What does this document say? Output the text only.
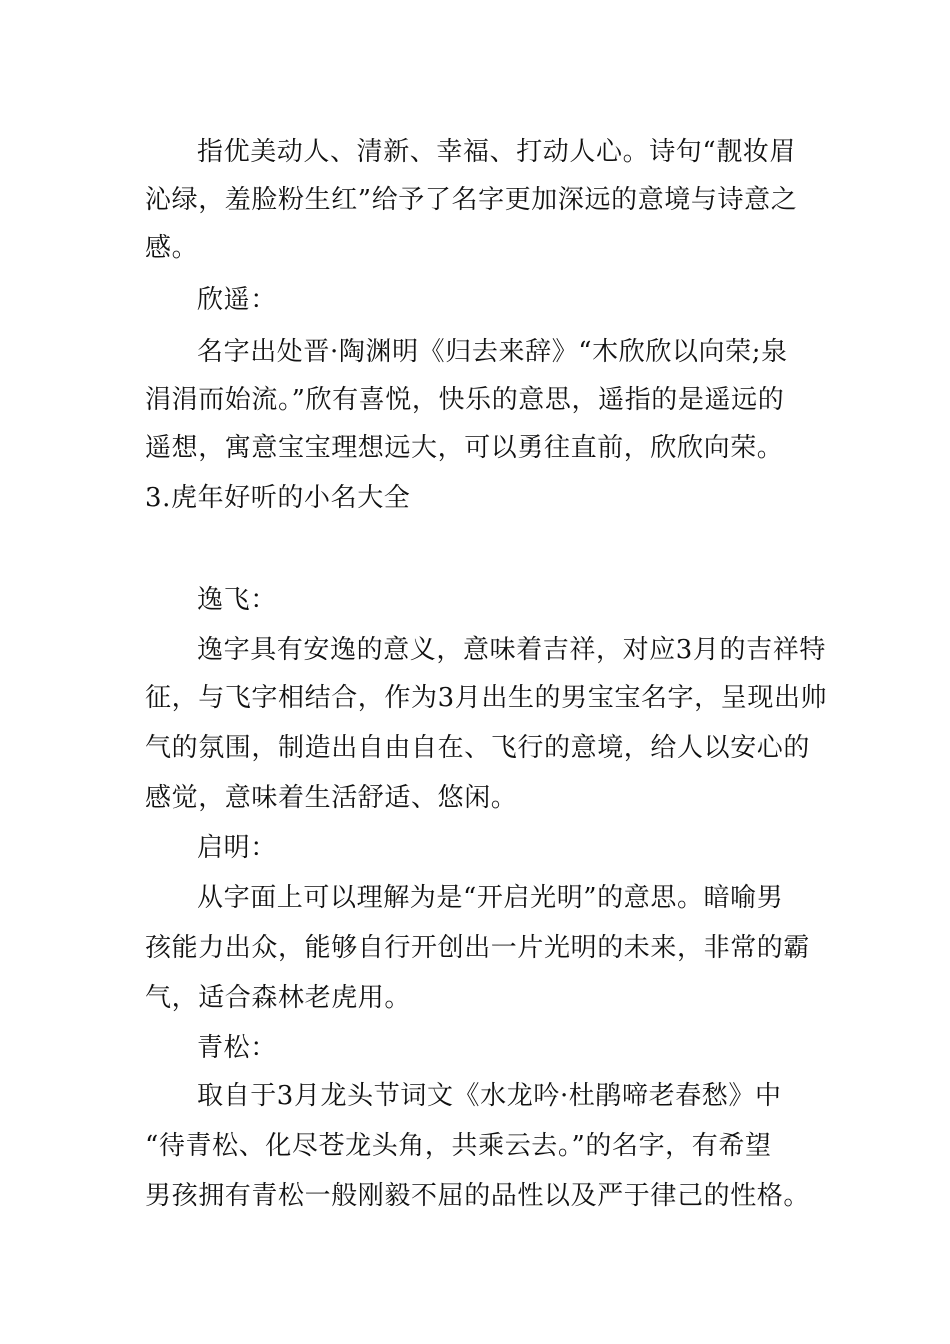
指优美动人、清新、幸福、打动人心。诗句“靓妆眉
沁绿，羞脸粉生红”给予了名字更加深远的意境与诗意之
感。
欣遥：
名字出处晋·陶渊明《归去来辞》“木欣欣以向荣;泉
涓涓而始流。”欣有喜悦，快乐的意思，遥指的是遥远的
遥想，寓意宝宝理想远大，可以勇往直前，欣欣向荣。
3.虎年好听的小名大全
逸飞：
逸字具有安逸的意义，意味着吉祥，对应3月的吉祥特
征，与飞字相结合，作为3月出生的男宝宝名字，呈现出帅
气的氛围，制造出自由自在、飞行的意境，给人以安心的
感觉，意味着生活舒适、悠闲。
启明：
从字面上可以理解为是“开启光明”的意思。暗喻男
孩能力出众，能够自行开创出一片光明的未来，非常的霸
气，适合森林老虎用。
青松：
取自于3月龙头节词文《水龙吟·杜鹃啼老春愁》中
“待青松、化尽苍龙头角，共乘云去。”的名字，有希望
男孩拥有青松一般刚毅不屈的品性以及严于律己的性格。
